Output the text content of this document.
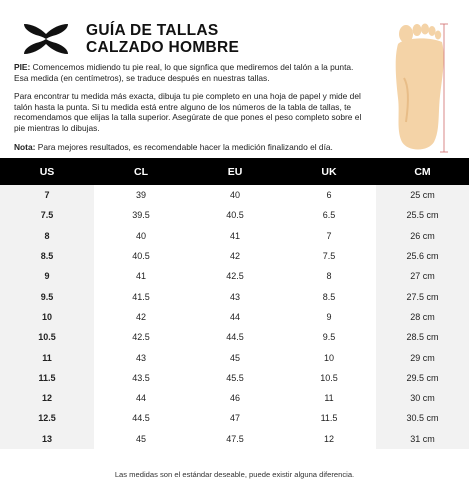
GUÍA DE TALLAS
CALZADO HOMBRE

PIE: Comencemos midiendo tu pie real, lo que signfica que mediremos del talón a la punta. Esa medida (en centímetros), se traduce después en nuestras tallas.

Para encontrar tu medida más exacta, dibuja tu pie completo en una hoja de papel y mide del talón hasta la punta. Si tu medida está entre alguno de los números de la tabla de tallas, te recomendamos que elijas la talla superior. Asegúrate de que pones el peso completo sobre el pie mientras lo dibujas.

Nota: Para mejores resultados, es recomendable hacer la medición finalizando el día.

US	CL	EU	UK	CM
7	39	40	6	25 cm
7.5	39.5	40.5	6.5	25.5 cm
8	40	41	7	26 cm
8.5	40.5	42	7.5	25.6 cm
9	41	42.5	8	27 cm
9.5	41.5	43	8.5	27.5 cm
10	42	44	9	28 cm
10.5	42.5	44.5	9.5	28.5 cm
11	43	45	10	29 cm
11.5	43.5	45.5	10.5	29.5 cm
12	44	46	11	30 cm
12.5	44.5	47	11.5	30.5 cm
13	45	47.5	12	31 cm
Las medidas son el estándar deseable, puede existir alguna diferencia.
